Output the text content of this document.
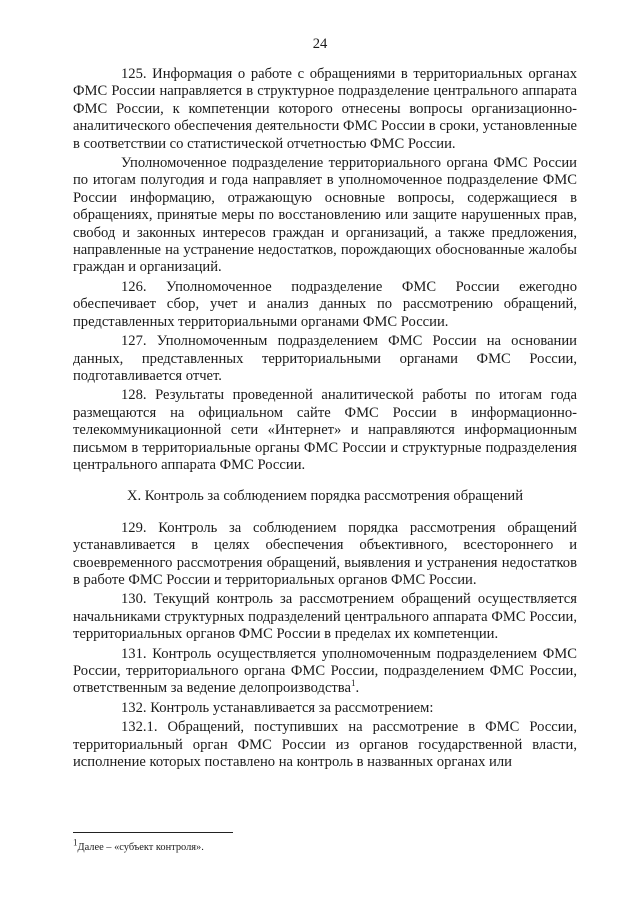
24

125. Информация о работе с обращениями в территориальных органах ФМС России направляется в структурное подразделение центрального аппарата ФМС России, к компетенции которого отнесены вопросы организационно-аналитического обеспечения деятельности ФМС России в сроки, установленные в соответствии со статистической отчетностью ФМС России.

Уполномоченное подразделение территориального органа ФМС России по итогам полугодия и года направляет в уполномоченное подразделение ФМС России информацию, отражающую основные вопросы, содержащиеся в обращениях, принятые меры по восстановлению или защите нарушенных прав, свобод и законных интересов граждан и организаций, а также предложения, направленные на устранение недостатков, порождающих обоснованные жалобы граждан и организаций.

126. Уполномоченное подразделение ФМС России ежегодно обеспечивает сбор, учет и анализ данных по рассмотрению обращений, представленных территориальными органами ФМС России.

127. Уполномоченным подразделением ФМС России на основании данных, представленных территориальными органами ФМС России, подготавливается отчет.

128. Результаты проведенной аналитической работы по итогам года размещаются на официальном сайте ФМС России в информационно-телекоммуникационной сети «Интернет» и направляются информационным письмом в территориальные органы ФМС России и структурные подразделения центрального аппарата ФМС России.

X. Контроль за соблюдением порядка рассмотрения обращений

129. Контроль за соблюдением порядка рассмотрения обращений устанавливается в целях обеспечения объективного, всестороннего и своевременного рассмотрения обращений, выявления и устранения недостатков в работе ФМС России и территориальных органов ФМС России.

130. Текущий контроль за рассмотрением обращений осуществляется начальниками структурных подразделений центрального аппарата ФМС России, территориальных органов ФМС России в пределах их компетенции.

131. Контроль осуществляется уполномоченным подразделением ФМС России, территориального органа ФМС России, подразделением ФМС России, ответственным за ведение делопроизводства$^1$.

132. Контроль устанавливается за рассмотрением:

132.1. Обращений, поступивших на рассмотрение в ФМС России, территориальный орган ФМС России из органов государственной власти, исполнение которых поставлено на контроль в названных органах или

$^1$Далее – «субъект контроля».
